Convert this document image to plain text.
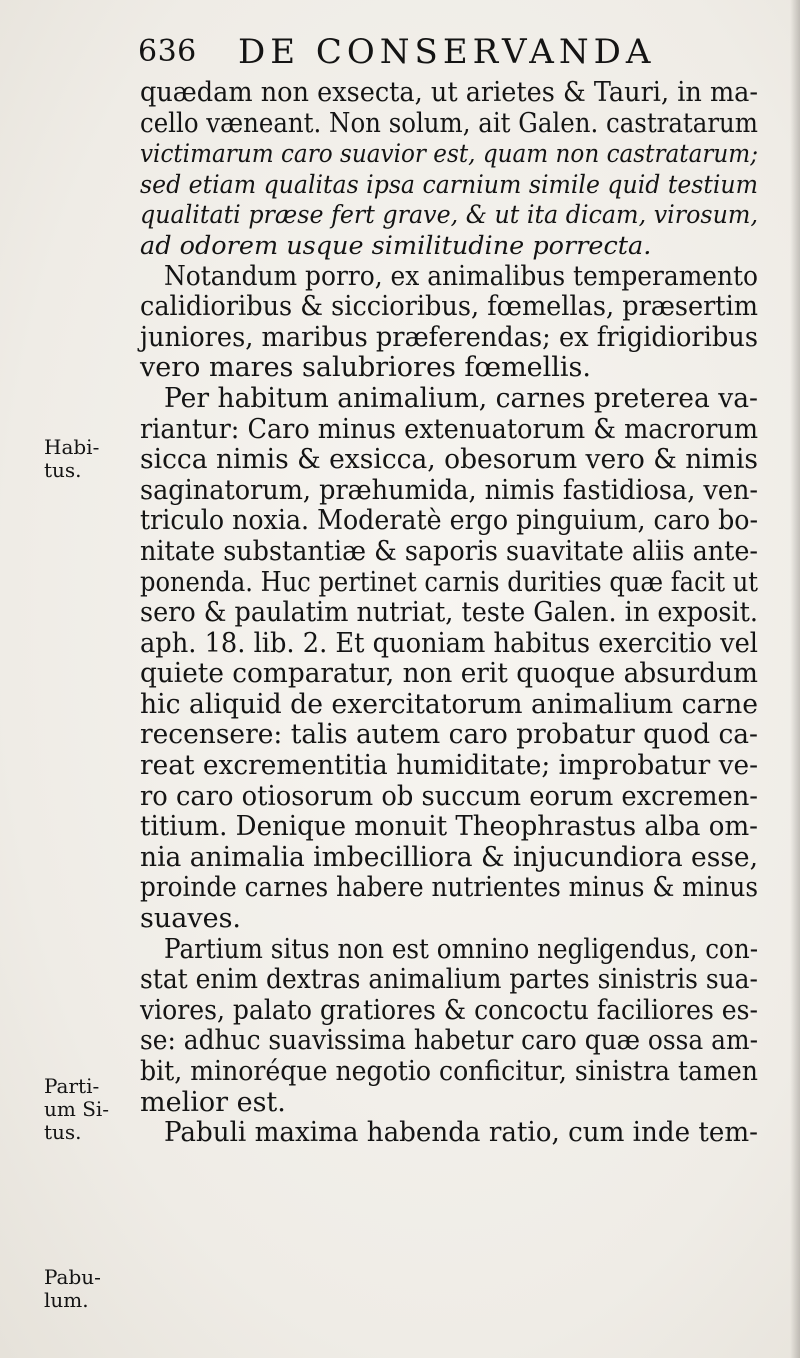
636 DE CONSERVANDA
Habi-
tus.
Parti-
um Si-
tus.
Pabu-
lum.
quædam non exsecta, ut arietes & Tauri, in ma-
cello væneant. Non solum, ait Galen. castratarum
victimarum caro suavior est, quam non castratarum;
sed etiam qualitas ipsa carnium simile quid testium
qualitati præse fert grave, & ut ita dicam, virosum,
ad odorem usque similitudine porrecta.
Notandum porro, ex animalibus temperamento
calidioribus & siccioribus, fœmellas, præsertim
juniores, maribus præferendas; ex frigidioribus
vero mares salubriores fœmellis.
Per habitum animalium, carnes preterea va-
riantur: Caro minus extenuatorum & macrorum
sicca nimis & exsicca, obesorum vero & nimis
saginatorum, præhumida, nimis fastidiosa, ven-
triculo noxia. Moderatè ergo pinguium, caro bo-
nitate substantiæ & saporis suavitate aliis ante-
ponenda. Huc pertinet carnis durities quæ facit ut
sero & paulatim nutriat, teste Galen. in exposit.
aph. 18. lib. 2. Et quoniam habitus exercitio vel
quiete comparatur, non erit quoque absurdum
hic aliquid de exercitatorum animalium carne
recensere: talis autem caro probatur quod ca-
reat excrementitia humiditate; improbatur ve-
ro caro otiosorum ob succum eorum excremen-
titium. Denique monuit Theophrastus alba om-
nia animalia imbecilliora & injucundiora esse,
proinde carnes habere nutrientes minus & minus
suaves.
Partium situs non est omnino negligendus, con-
stat enim dextras animalium partes sinistris sua-
viores, palato gratiores & concoctu faciliores es-
se: adhuc suavissima habetur caro quæ ossa am-
bit, minoréque negotio conficitur, sinistra tamen
melior est.
Pabuli maxima habenda ratio, cum inde tem-
